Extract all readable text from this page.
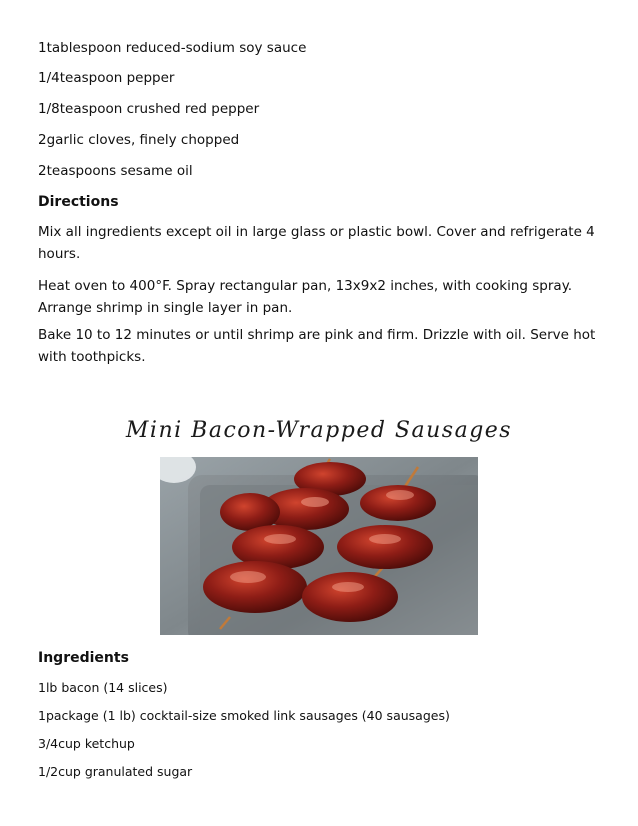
1tablespoon reduced-sodium soy sauce
1/4teaspoon pepper
1/8teaspoon crushed red pepper
2garlic cloves, finely chopped
2teaspoons sesame oil
Directions
Mix all ingredients except oil in large glass or plastic bowl. Cover and refrigerate 4 hours.
Heat oven to 400°F. Spray rectangular pan, 13x9x2 inches, with cooking spray. Arrange shrimp in single layer in pan.
Bake 10 to 12 minutes or until shrimp are pink and firm. Drizzle with oil. Serve hot with toothpicks.
Mini Bacon-Wrapped Sausages
Ingredients
1lb bacon (14 slices)
1package (1 lb) cocktail-size smoked link sausages (40 sausages)
3/4cup ketchup
1/2cup granulated sugar
